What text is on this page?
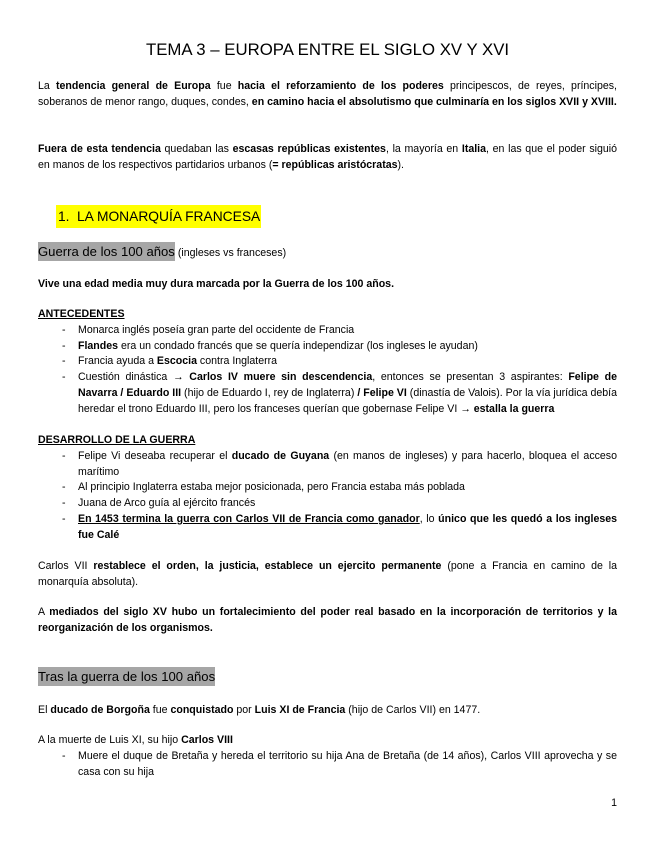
TEMA 3 – EUROPA ENTRE EL SIGLO XV Y XVI

La tendencia general de Europa fue hacia el reforzamiento de los poderes principescos, de reyes, príncipes, soberanos de menor rango, duques, condes, en camino hacia el absolutismo que culminaría en los siglos XVII y XVIII.

Fuera de esta tendencia quedaban las escasas repúblicas existentes, la mayoría en Italia, en las que el poder siguió en manos de los respectivos partidarios urbanos (= repúblicas aristócratas).

1. LA MONARQUÍA FRANCESA
Guerra de los 100 años (ingleses vs franceses)

Vive una edad media muy dura marcada por la Guerra de los 100 años.

ANTECEDENTES

- Monarca inglés poseía gran parte del occidente de Francia
- Flandes era un condado francés que se quería independizar (los ingleses le ayudan)
- Francia ayuda a Escocia contra Inglaterra
- Cuestión dinástica → Carlos IV muere sin descendencia, entonces se presentan 3 aspirantes: Felipe de Navarra / Eduardo III (hijo de Eduardo I, rey de Inglaterra) / Felipe VI (dinastía de Valois). Por la vía jurídica debía heredar el trono Eduardo III, pero los franceses querían que gobernase Felipe VI → estalla la guerra

DESARROLLO DE LA GUERRA

- Felipe Vi deseaba recuperar el ducado de Guyana (en manos de ingleses) y para hacerlo, bloquea el acceso marítimo
- Al principio Inglaterra estaba mejor posicionada, pero Francia estaba más poblada
- Juana de Arco guía al ejército francés
- En 1453 termina la guerra con Carlos VII de Francia como ganador, lo único que les quedó a los ingleses fue Calé

Carlos VII restablece el orden, la justicia, establece un ejercito permanente (pone a Francia en camino de la monarquía absoluta).

A mediados del siglo XV hubo un fortalecimiento del poder real basado en la incorporación de territorios y la reorganización de los organismos.

Tras la guerra de los 100 años

El ducado de Borgoña fue conquistado por Luis XI de Francia (hijo de Carlos VII) en 1477.

A la muerte de Luis XI, su hijo Carlos VIII

- Muere el duque de Bretaña y hereda el territorio su hija Ana de Bretaña (de 14 años), Carlos VIII aprovecha y se casa con su hija
1
